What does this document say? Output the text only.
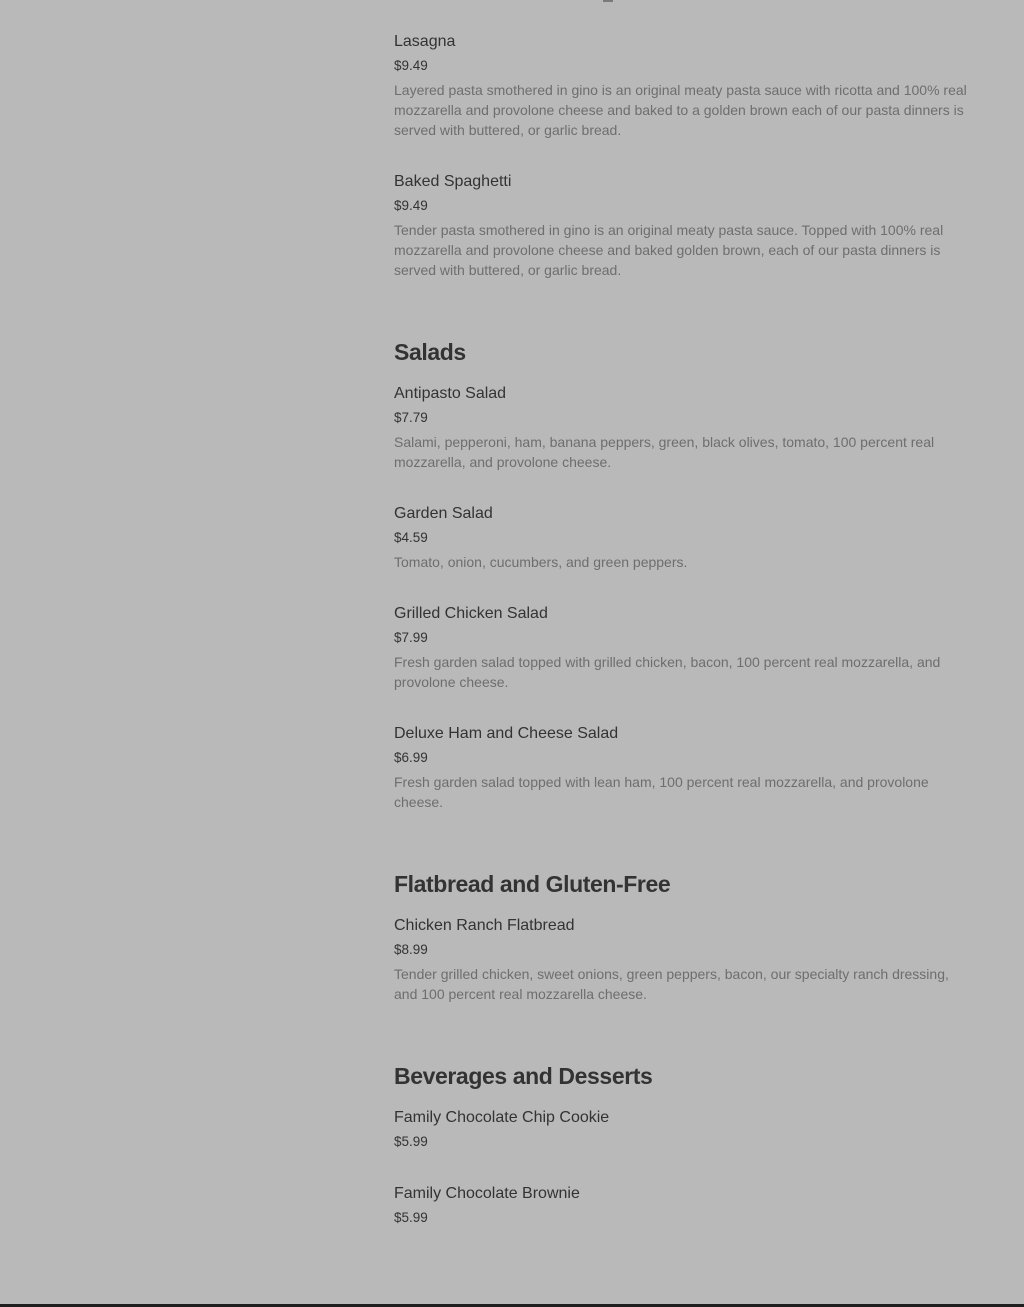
Lasagna
$9.49
Layered pasta smothered in gino is an original meaty pasta sauce with ricotta and 100% real mozzarella and provolone cheese and baked to a golden brown each of our pasta dinners is served with buttered, or garlic bread.
Baked Spaghetti
$9.49
Tender pasta smothered in gino is an original meaty pasta sauce. Topped with 100% real mozzarella and provolone cheese and baked golden brown, each of our pasta dinners is served with buttered, or garlic bread.
Salads
Antipasto Salad
$7.79
Salami, pepperoni, ham, banana peppers, green, black olives, tomato, 100 percent real mozzarella, and provolone cheese.
Garden Salad
$4.59
Tomato, onion, cucumbers, and green peppers.
Grilled Chicken Salad
$7.99
Fresh garden salad topped with grilled chicken, bacon, 100 percent real mozzarella, and provolone cheese.
Deluxe Ham and Cheese Salad
$6.99
Fresh garden salad topped with lean ham, 100 percent real mozzarella, and provolone cheese.
Flatbread and Gluten-Free
Chicken Ranch Flatbread
$8.99
Tender grilled chicken, sweet onions, green peppers, bacon, our specialty ranch dressing, and 100 percent real mozzarella cheese.
Beverages and Desserts
Family Chocolate Chip Cookie
$5.99
Family Chocolate Brownie
$5.99
